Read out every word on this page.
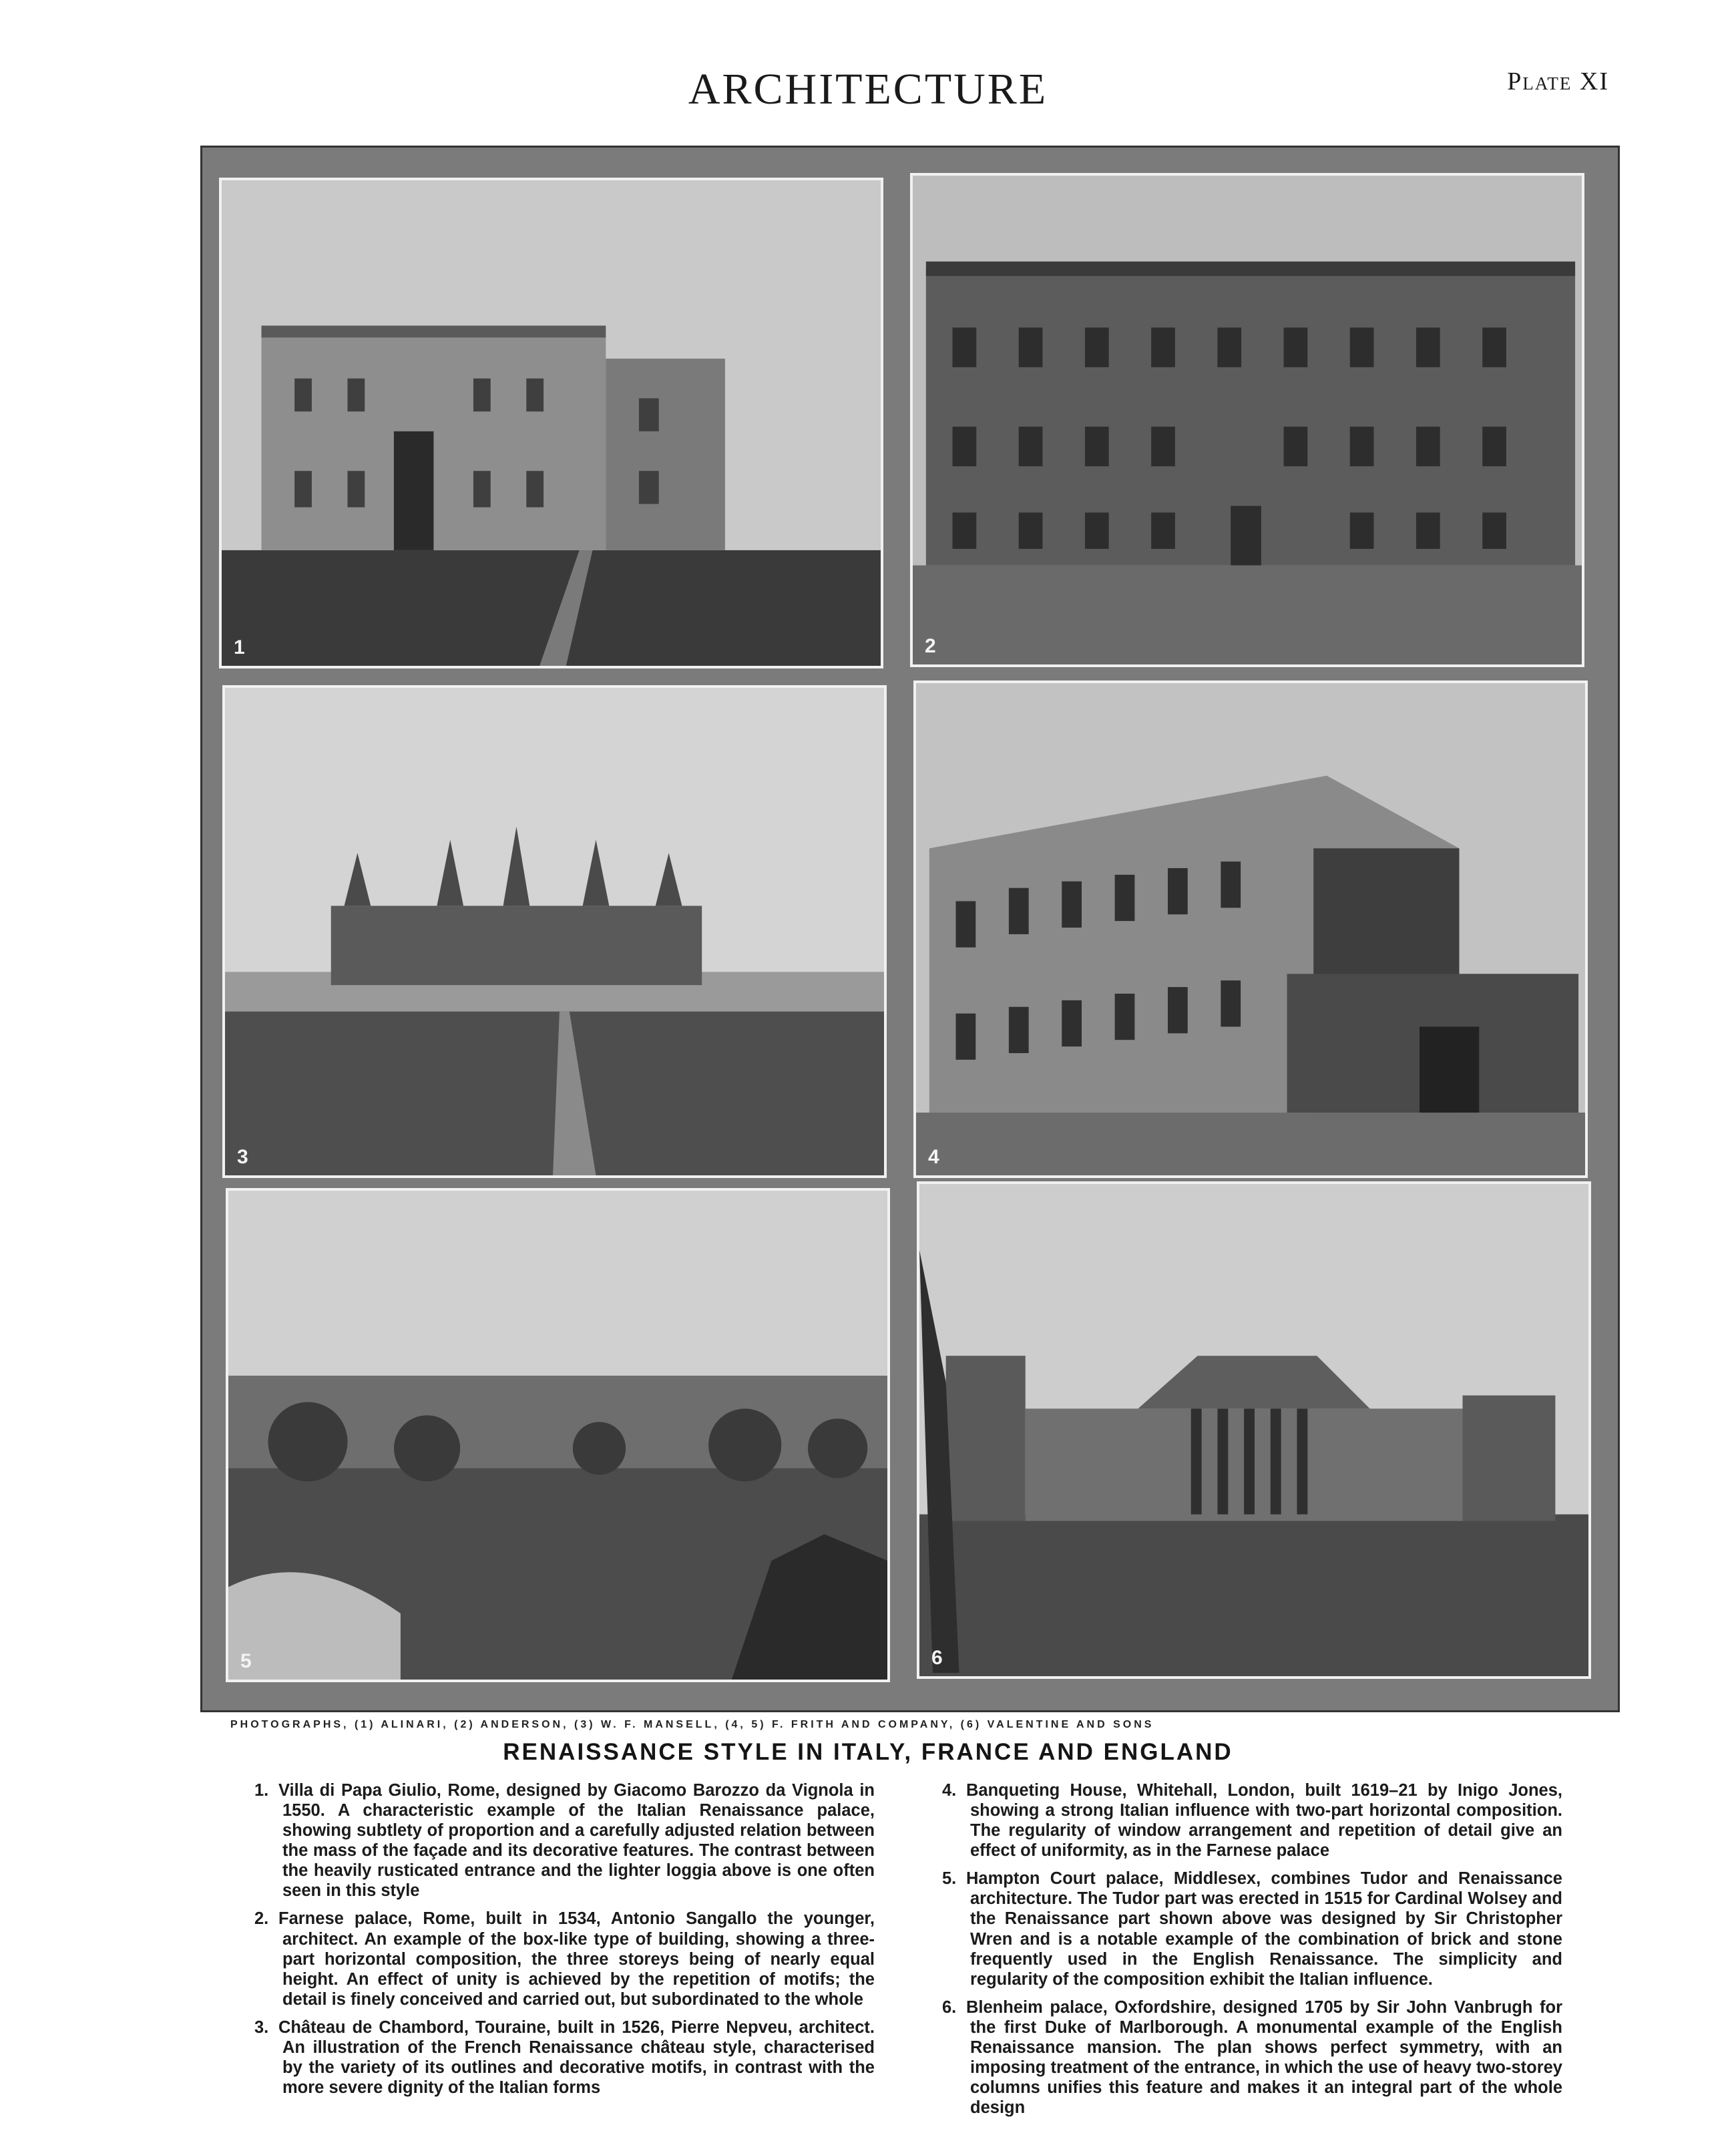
ARCHITECTURE	Plate XI
1	2
3	4
5	6
PHOTOGRAPHS, (1) ALINARI, (2) ANDERSON, (3) W. F. MANSELL, (4, 5) F. FRITH AND COMPANY, (6) VALENTINE AND SONS
RENAISSANCE STYLE IN ITALY, FRANCE AND ENGLAND

1. Villa di Papa Giulio, Rome, designed by Giacomo Barozzo da Vignola in 1550. A characteristic example of the Italian Renaissance palace, showing subtlety of proportion and a carefully adjusted relation between the mass of the façade and its decorative features. The contrast between the heavily rusticated entrance and the lighter loggia above is one often seen in this style

2. Farnese palace, Rome, built in 1534, Antonio Sangallo the younger, architect. An example of the box-like type of building, showing a three-part horizontal composition, the three storeys being of nearly equal height. An effect of unity is achieved by the repetition of motifs; the detail is finely conceived and carried out, but subordinated to the whole

3. Château de Chambord, Touraine, built in 1526, Pierre Nepveu, architect. An illustration of the French Renaissance château style, characterised by the variety of its outlines and decorative motifs, in contrast with the more severe dignity of the Italian forms

4. Banqueting House, Whitehall, London, built 1619–21 by Inigo Jones, showing a strong Italian influence with two-part horizontal composition. The regularity of window arrangement and repetition of detail give an effect of uniformity, as in the Farnese palace

5. Hampton Court palace, Middlesex, combines Tudor and Renaissance architecture. The Tudor part was erected in 1515 for Cardinal Wolsey and the Renaissance part shown above was designed by Sir Christopher Wren and is a notable example of the combination of brick and stone frequently used in the English Renaissance. The simplicity and regularity of the composition exhibit the Italian influence.

6. Blenheim palace, Oxfordshire, designed 1705 by Sir John Vanbrugh for the first Duke of Marlborough. A monumental example of the English Renaissance mansion. The plan shows perfect symmetry, with an imposing treatment of the entrance, in which the use of heavy two-storey columns unifies this feature and makes it an integral part of the whole design
